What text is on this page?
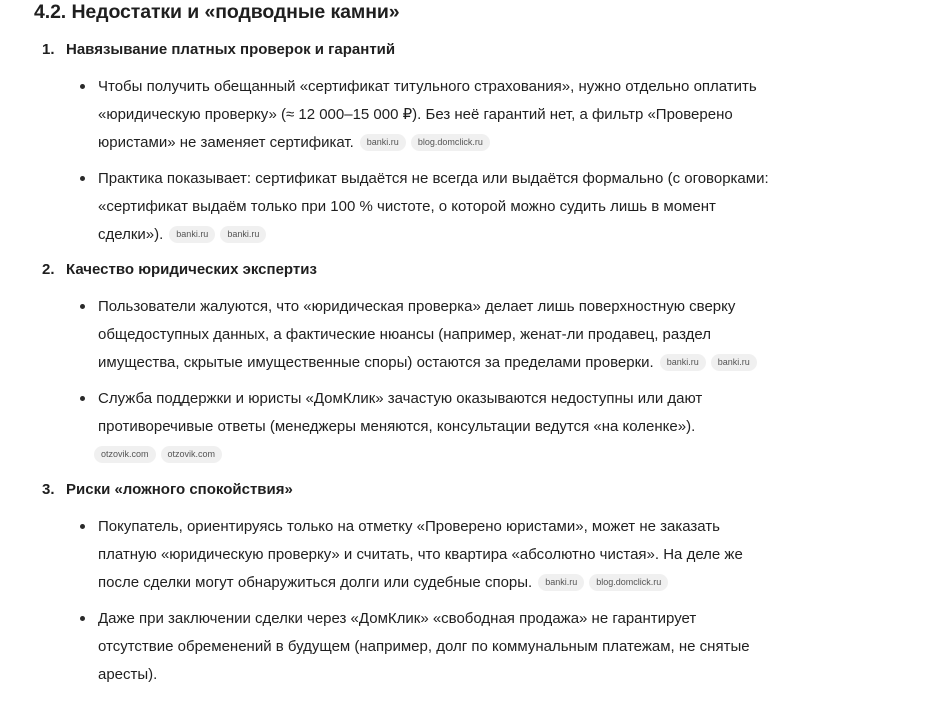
4.2. Недостатки и «подводные камни»
1. Навязывание платных проверок и гарантий
Чтобы получить обещанный «сертификат титульного страхования», нужно отдельно оплатить
«юридическую проверку» (≈ 12 000–15 000 ₽). Без неё гарантий нет, а фильтр «Проверено
юристами» не заменяет сертификат. banki.ru blog.domclick.ru
Практика показывает: сертификат выдаётся не всегда или выдаётся формально (с оговорками:
«сертификат выдаём только при 100 % чистоте, о которой можно судить лишь в момент
сделки»). banki.ru banki.ru
2. Качество юридических экспертиз
Пользователи жалуются, что «юридическая проверка» делает лишь поверхностную сверку
общедоступных данных, а фактические нюансы (например, женат-ли продавец, раздел
имущества, скрытые имущественные споры) остаются за пределами проверки. banki.ru banki.ru
Служба поддержки и юристы «ДомКлик» зачастую оказываются недоступны или дают
противоречивые ответы (менеджеры меняются, консультации ведутся «на коленке»).
otzovik.com otzovik.com
3. Риски «ложного спокойствия»
Покупатель, ориентируясь только на отметку «Проверено юристами», может не заказать
платную «юридическую проверку» и считать, что квартира «абсолютно чистая». На деле же
после сделки могут обнаружиться долги или судебные споры. banki.ru blog.domclick.ru
Даже при заключении сделки через «ДомКлик» «свободная продажа» не гарантирует
отсутствие обременений в будущем (например, долг по коммунальным платежам, не снятые
аресты).
